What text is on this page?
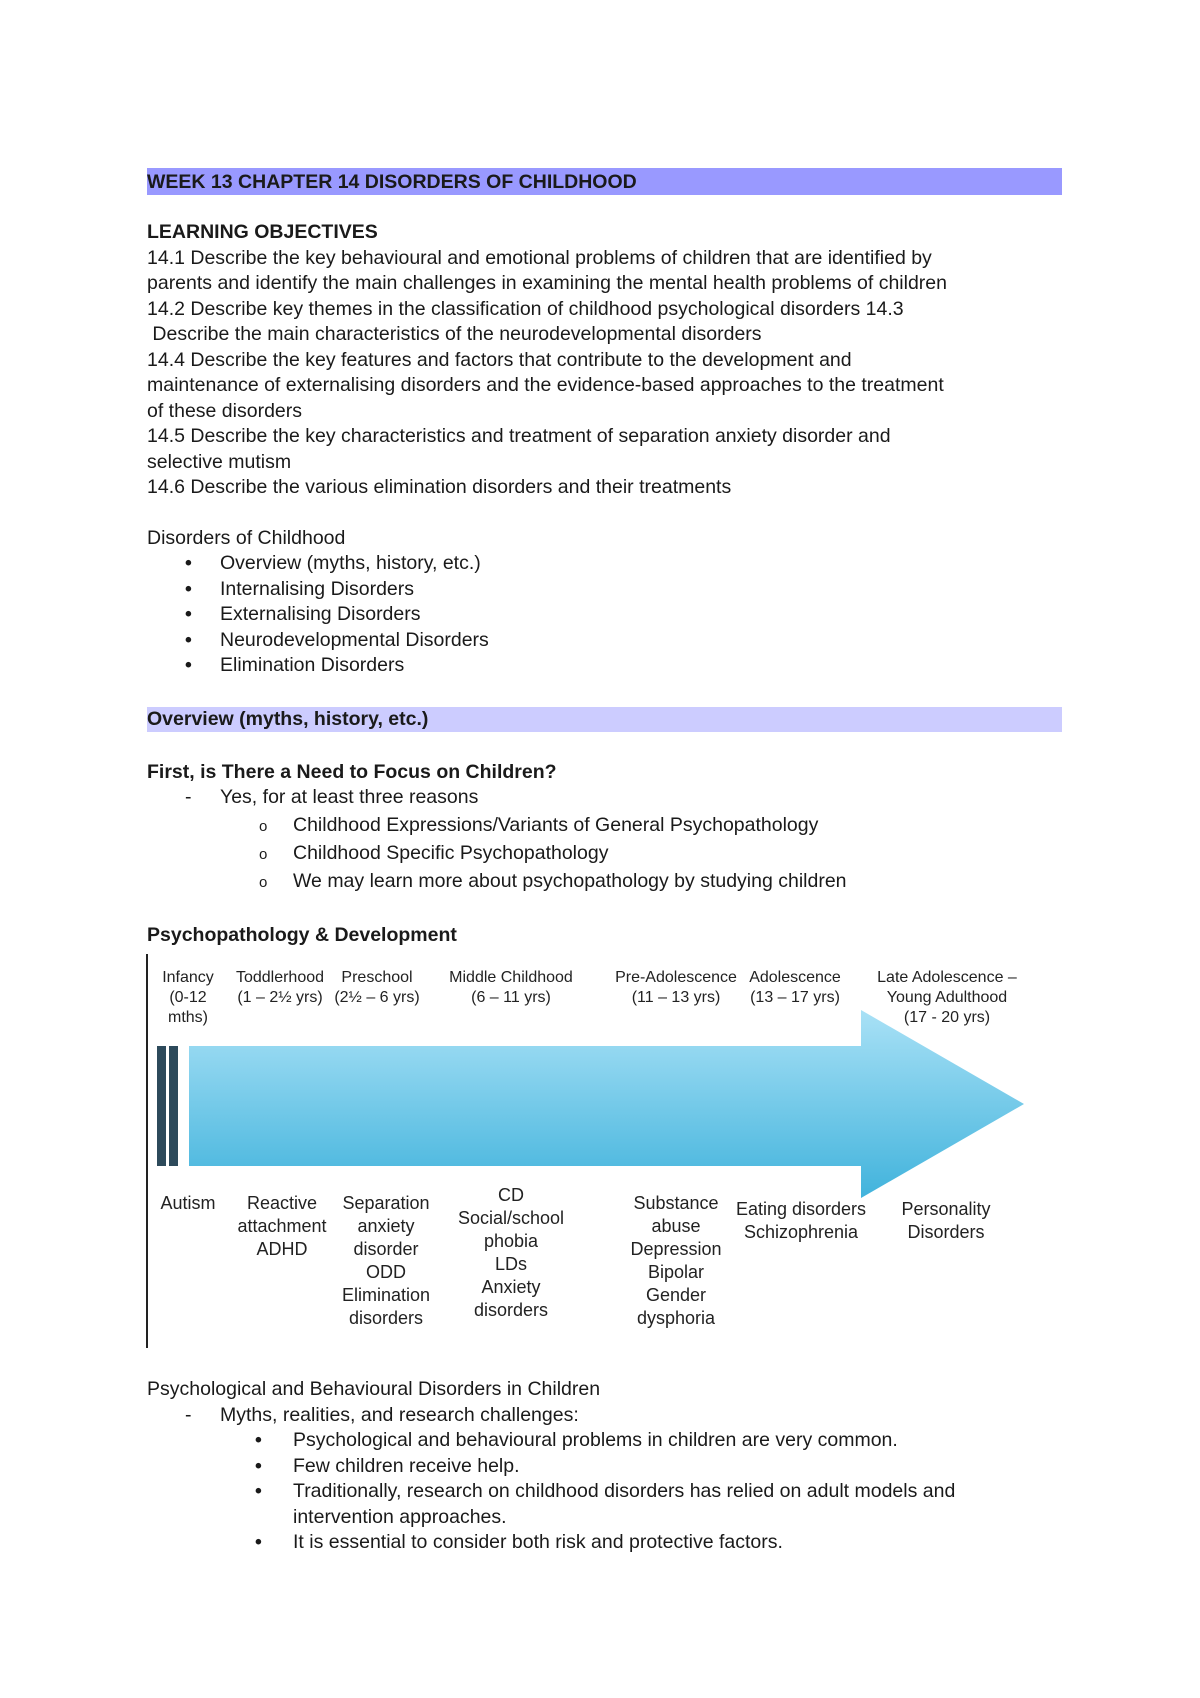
WEEK 13 CHAPTER 14 DISORDERS OF CHILDHOOD
LEARNING OBJECTIVES
14.1 Describe the key behavioural and emotional problems of children that are identified by
parents and identify the main challenges in examining the mental health problems of children
14.2 Describe key themes in the classification of childhood psychological disorders 14.3
Describe the main characteristics of the neurodevelopmental disorders
14.4 Describe the key features and factors that contribute to the development and
maintenance of externalising disorders and the evidence-based approaches to the treatment
of these disorders
14.5 Describe the key characteristics and treatment of separation anxiety disorder and
selective mutism
14.6 Describe the various elimination disorders and their treatments
Disorders of Childhood
• Overview (myths, history, etc.)
• Internalising Disorders
• Externalising Disorders
• Neurodevelopmental Disorders
• Elimination Disorders
Overview (myths, history, etc.)
First, is There a Need to Focus on Children?
- Yes, for at least three reasons
o Childhood Expressions/Variants of General Psychopathology
o Childhood Specific Psychopathology
o We may learn more about psychopathology by studying children
Psychopathology & Development
Infancy
(0-12 mths)
Toddlerhood
(1 – 2½ yrs)
Preschool
(2½ – 6 yrs)
Middle Childhood
(6 – 11 yrs)
Pre-Adolescence
(11 – 13 yrs)
Adolescence
(13 – 17 yrs)
Late Adolescence –
Young Adulthood
(17 - 20 yrs)
Autism	Reactive
attachment
ADHD
Separation
anxiety
disorder
ODD
Elimination
disorders
CD
Social/school
phobia
LDs
Anxiety
disorders
Substance
abuse
Depression
Bipolar
Gender
dysphoria
Eating disorders
Schizophrenia
Personality
Disorders
Psychological and Behavioural Disorders in Children
- Myths, realities, and research challenges:
• Psychological and behavioural problems in children are very common.
• Few children receive help.
• Traditionally, research on childhood disorders has relied on adult models and
intervention approaches.
• It is essential to consider both risk and protective factors.
